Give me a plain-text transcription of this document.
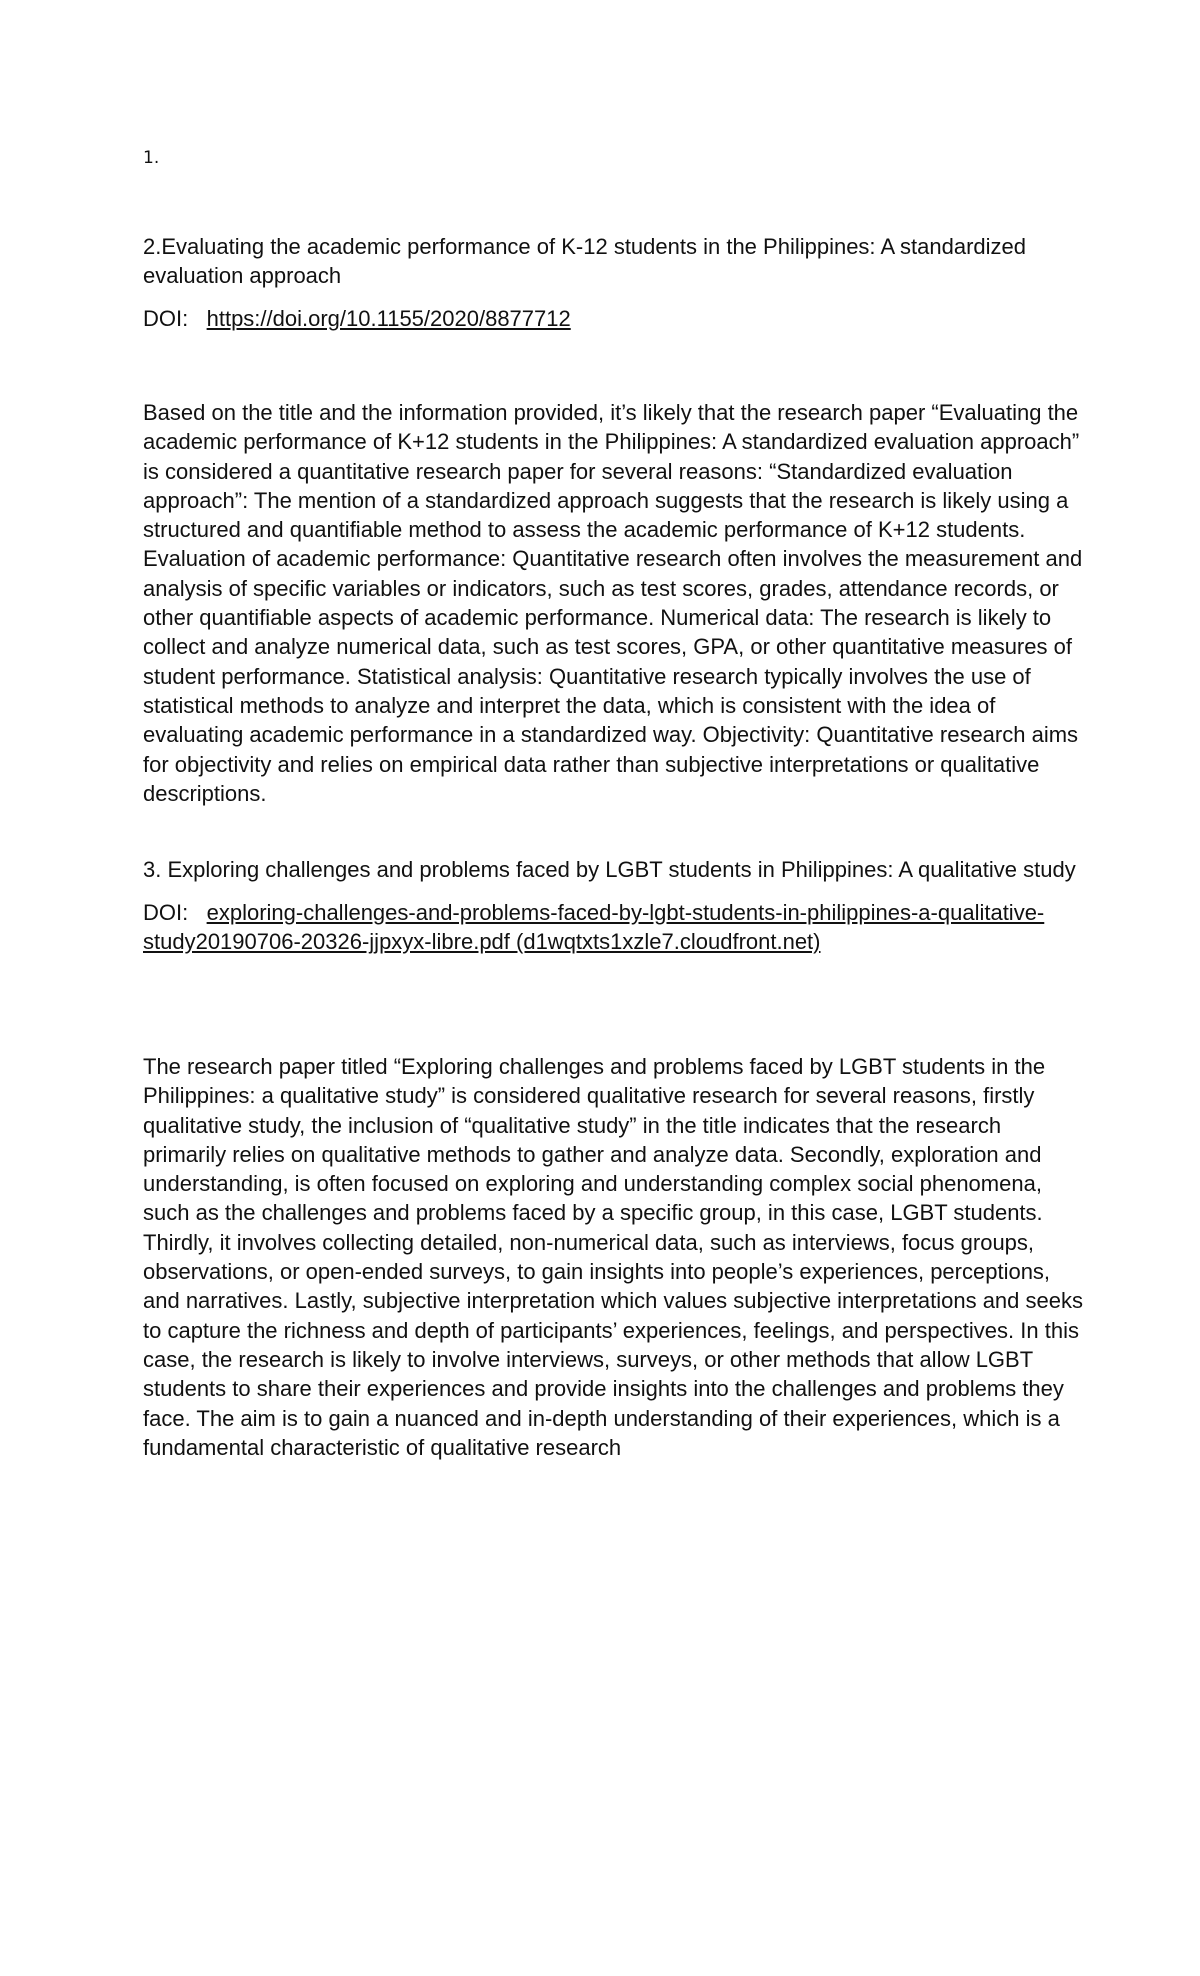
1.
2.Evaluating the academic performance of K-12 students in the Philippines: A standardized evaluation approach
DOI: https://doi.org/10.1155/2020/8877712

Based on the title and the information provided, it’s likely that the research paper “Evaluating the academic performance of K+12 students in the Philippines: A standardized evaluation approach” is considered a quantitative research paper for several reasons: “Standardized evaluation approach”: The mention of a standardized approach suggests that the research is likely using a structured and quantifiable method to assess the academic performance of K+12 students. Evaluation of academic performance: Quantitative research often involves the measurement and analysis of specific variables or indicators, such as test scores, grades, attendance records, or other quantifiable aspects of academic performance. Numerical data: The research is likely to collect and analyze numerical data, such as test scores, GPA, or other quantitative measures of student performance. Statistical analysis: Quantitative research typically involves the use of statistical methods to analyze and interpret the data, which is consistent with the idea of evaluating academic performance in a standardized way. Objectivity: Quantitative research aims for objectivity and relies on empirical data rather than subjective interpretations or qualitative descriptions.

3. Exploring challenges and problems faced by LGBT students in Philippines: A qualitative study
DOI: exploring-challenges-and-problems-faced-by-lgbt-students-in-philippines-a-qualitative-study20190706-20326-jjpxyx-libre.pdf (d1wqtxts1xzle7.cloudfront.net)

The research paper titled “Exploring challenges and problems faced by LGBT students in the Philippines: a qualitative study” is considered qualitative research for several reasons, firstly qualitative study, the inclusion of “qualitative study” in the title indicates that the research primarily relies on qualitative methods to gather and analyze data. Secondly, exploration and understanding, is often focused on exploring and understanding complex social phenomena, such as the challenges and problems faced by a specific group, in this case, LGBT students. Thirdly, it involves collecting detailed, non-numerical data, such as interviews, focus groups, observations, or open-ended surveys, to gain insights into people’s experiences, perceptions, and narratives. Lastly, subjective interpretation which values subjective interpretations and seeks to capture the richness and depth of participants’ experiences, feelings, and perspectives. In this case, the research is likely to involve interviews, surveys, or other methods that allow LGBT students to share their experiences and provide insights into the challenges and problems they face. The aim is to gain a nuanced and in-depth understanding of their experiences, which is a fundamental characteristic of qualitative research
